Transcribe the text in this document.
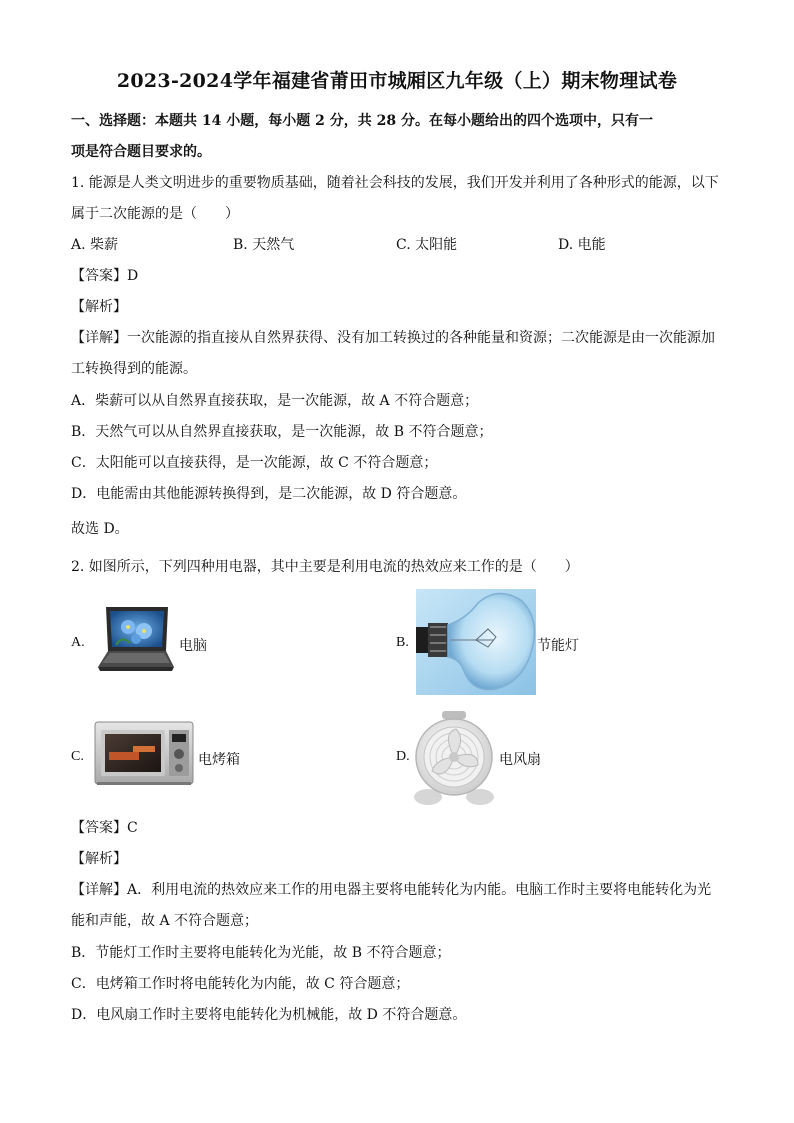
2023-2024学年福建省莆田市城厢区九年级（上）期末物理试卷
一、选择题：本题共 14 小题，每小题 2 分，共 28 分。在每小题给出的四个选项中，只有一
项是符合题目要求的。
1. 能源是人类文明进步的重要物质基础，随着社会科技的发展，我们开发并利用了各种形式的能源，以下
属于二次能源的是（　　）
A. 柴薪	B. 天然气	C. 太阳能	D. 电能
【答案】D
【解析】
【详解】一次能源的指直接从自然界获得、没有加工转换过的各种能量和资源；二次能源是由一次能源加
工转换得到的能源。
A．柴薪可以从自然界直接获取，是一次能源，故 A 不符合题意；
B．天然气可以从自然界直接获取，是一次能源，故 B 不符合题意；
C．太阳能可以直接获得，是一次能源，故 C 不符合题意；
D．电能需由其他能源转换得到，是二次能源，故 D 符合题意。
故选 D。
2. 如图所示，下列四种用电器，其中主要是利用电流的热效应来工作的是（　　）
A.	电脑	B.	节能灯
C.	电烤箱	D.	电风扇
【答案】C
【解析】
【详解】A．利用电流的热效应来工作的用电器主要将电能转化为内能。电脑工作时主要将电能转化为光
能和声能，故 A 不符合题意；
B．节能灯工作时主要将电能转化为光能，故 B 不符合题意；
C．电烤箱工作时将电能转化为内能，故 C 符合题意；
D．电风扇工作时主要将电能转化为机械能，故 D 不符合题意。
